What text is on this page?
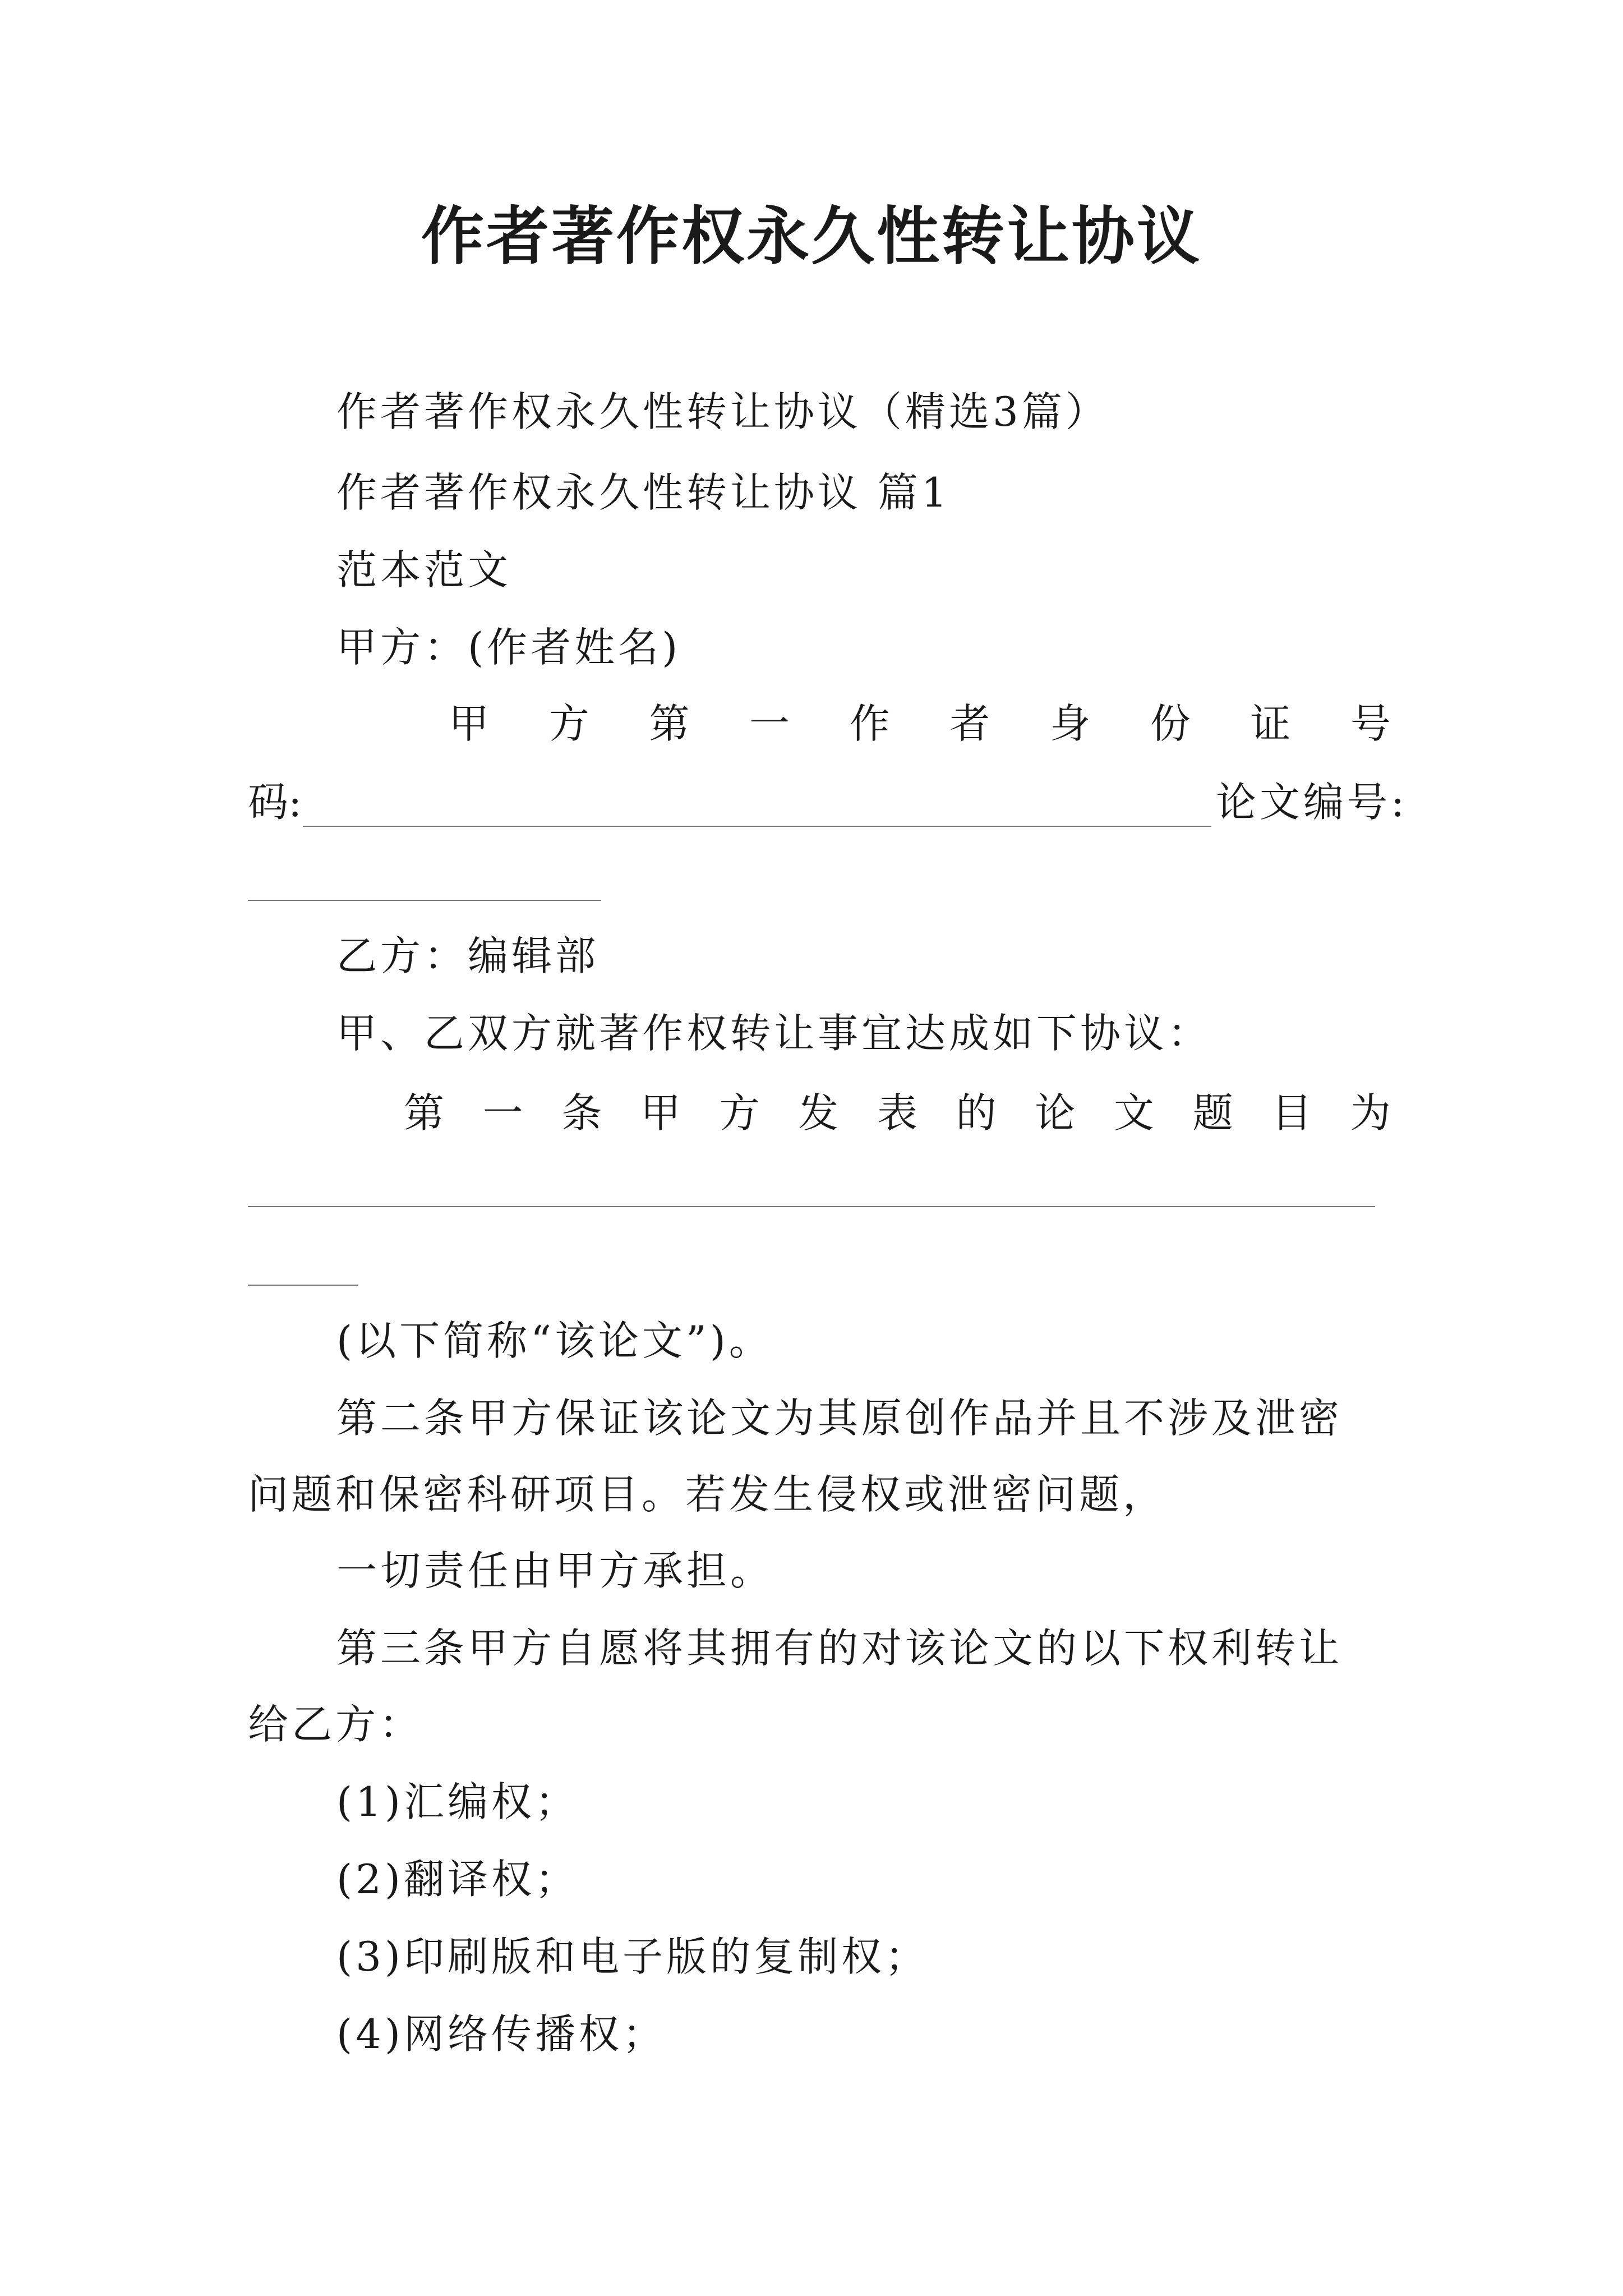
作者著作权永久性转让协议
作者著作权永久性转让协议（精选3篇）
作者著作权永久性转让协议 篇1
范本范文
甲方：(作者姓名)
甲 方 第 一 作 者 身 份 证 号
码:	论文编号:
乙方：编辑部
甲、乙双方就著作权转让事宜达成如下协议：
第 一 条 甲 方 发 表 的 论 文 题 目 为
(以下简称“该论文”)。
第二条甲方保证该论文为其原创作品并且不涉及泄密
问题和保密科研项目。若发生侵权或泄密问题，
一切责任由甲方承担。
第三条甲方自愿将其拥有的对该论文的以下权利转让
给乙方：
(1)汇编权；
(2)翻译权；
(3)印刷版和电子版的复制权；
(4)网络传播权；
